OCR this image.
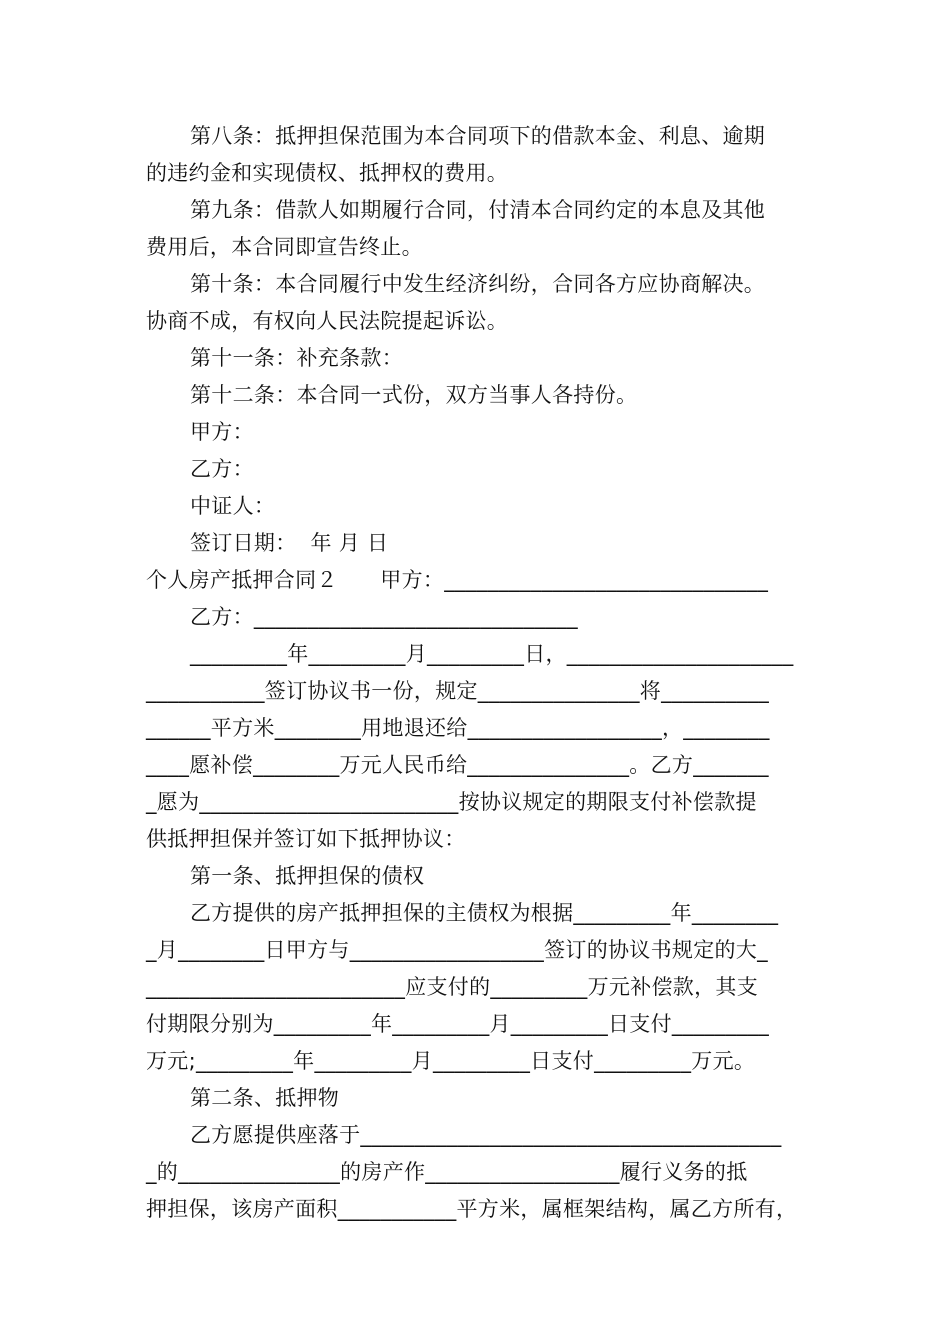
第八条：抵押担保范围为本合同项下的借款本金、利息、逾期
的违约金和实现债权、抵押权的费用。
第九条：借款人如期履行合同，付清本合同约定的本息及其他
费用后，本合同即宣告终止。
第十条：本合同履行中发生经济纠纷，合同各方应协商解决。
协商不成，有权向人民法院提起诉讼。
第十一条：补充条款：
第十二条：本合同一式份，双方当事人各持份。
甲方：
乙方：
中证人：
签订日期：  年 月 日
个人房产抵押合同２　　甲方：______________________________
乙方：______________________________
_________年_________月_________日，_____________________
___________签订协议书一份，规定_______________将__________
______平方米________用地退还给__________________，________
____愿补偿________万元人民币给_______________。乙方_______
_愿为________________________按协议规定的期限支付补偿款提
供抵押担保并签订如下抵押协议：
第一条、抵押担保的债权
乙方提供的房产抵押担保的主债权为根据_________年________
_月________日甲方与__________________签订的协议书规定的大_
________________________应支付的_________万元补偿款，其支
付期限分别为_________年_________月_________日支付_________
万元;_________年_________月_________日支付_________万元。
第二条、抵押物
乙方愿提供座落于_______________________________________
_的_______________的房产作__________________履行义务的抵
押担保，该房产面积___________平方米，属框架结构，属乙方所有，
